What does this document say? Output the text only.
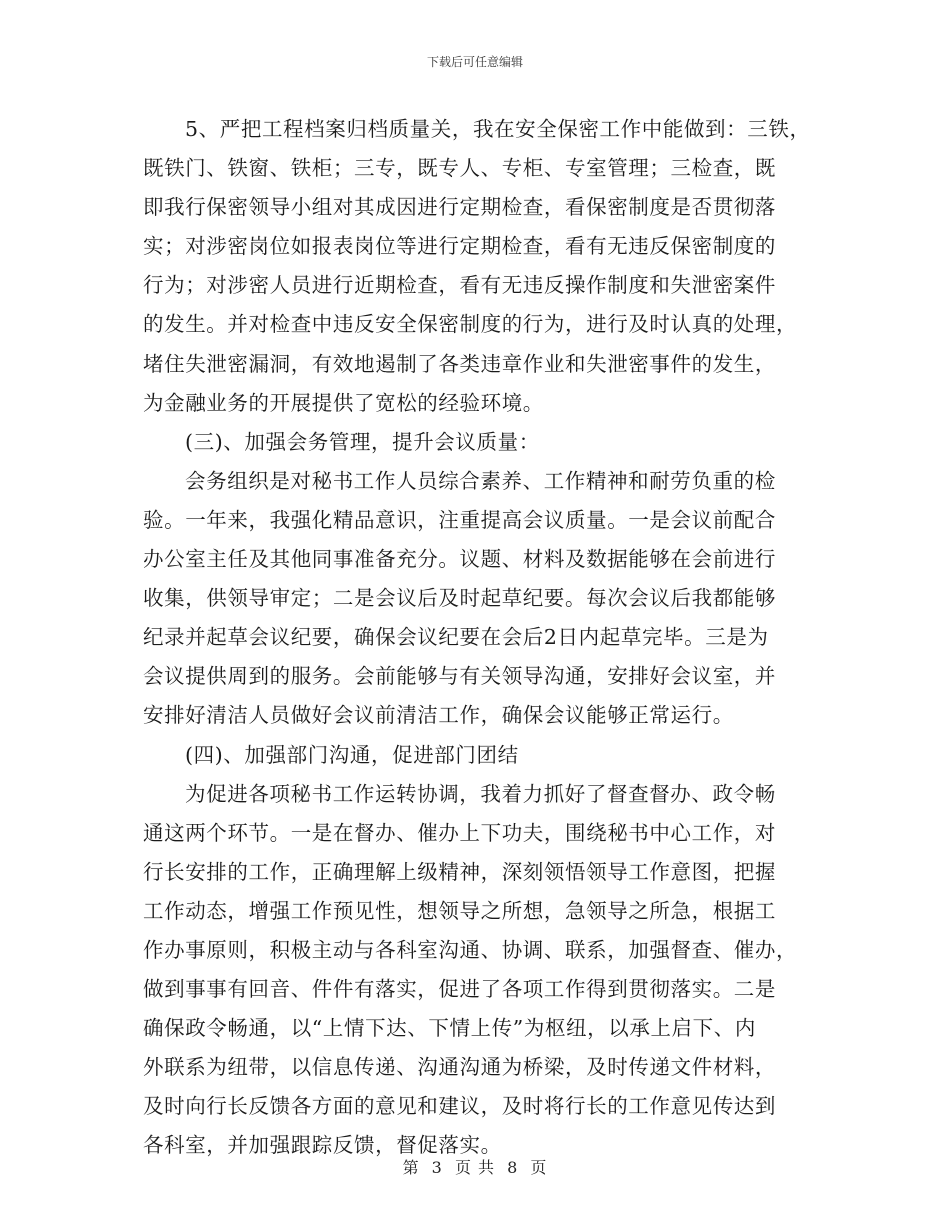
下载后可任意编辑
5、严把工程档案归档质量关，我在安全保密工作中能做到：三铁，
既铁门、铁窗、铁柜；三专，既专人、专柜、专室管理；三检查，既
即我行保密领导小组对其成因进行定期检查，看保密制度是否贯彻落
实；对涉密岗位如报表岗位等进行定期检查，看有无违反保密制度的
行为；对涉密人员进行近期检查，看有无违反操作制度和失泄密案件
的发生。并对检查中违反安全保密制度的行为，进行及时认真的处理，
堵住失泄密漏洞，有效地遏制了各类违章作业和失泄密事件的发生，
为金融业务的开展提供了宽松的经验环境。
(三)、加强会务管理，提升会议质量：
会务组织是对秘书工作人员综合素养、工作精神和耐劳负重的检
验。一年来，我强化精品意识，注重提高会议质量。一是会议前配合
办公室主任及其他同事准备充分。议题、材料及数据能够在会前进行
收集，供领导审定；二是会议后及时起草纪要。每次会议后我都能够
纪录并起草会议纪要，确保会议纪要在会后2日内起草完毕。三是为
会议提供周到的服务。会前能够与有关领导沟通，安排好会议室，并
安排好清洁人员做好会议前清洁工作，确保会议能够正常运行。
(四)、加强部门沟通，促进部门团结
为促进各项秘书工作运转协调，我着力抓好了督查督办、政令畅
通这两个环节。一是在督办、催办上下功夫，围绕秘书中心工作，对
行长安排的工作，正确理解上级精神，深刻领悟领导工作意图，把握
工作动态，增强工作预见性，想领导之所想，急领导之所急，根据工
作办事原则，积极主动与各科室沟通、协调、联系，加强督查、催办，
做到事事有回音、件件有落实，促进了各项工作得到贯彻落实。二是
确保政令畅通，以“上情下达、下情上传”为枢纽，以承上启下、内
外联系为纽带，以信息传递、沟通沟通为桥梁，及时传递文件材料，
及时向行长反馈各方面的意见和建议，及时将行长的工作意见传达到
各科室，并加强跟踪反馈，督促落实。
第 3 页 共 8 页
